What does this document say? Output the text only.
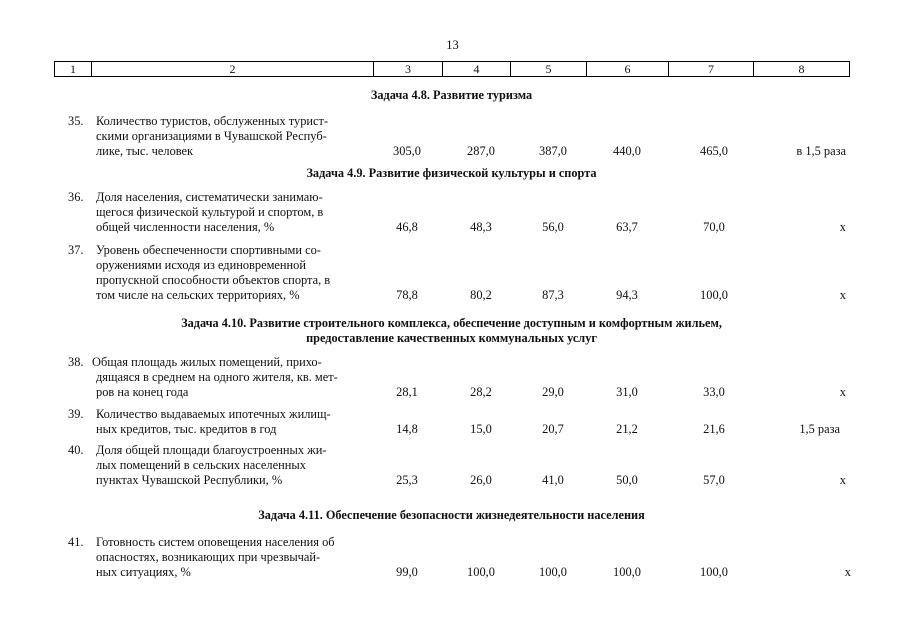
13
1	2	3	4	5	6	7	8
Задача 4.8. Развитие туризма
35. Количество туристов, обслуженных турист-
скими организациями в Чувашской Респуб-
лике, тыс. человек	305,0	287,0	387,0	440,0	465,0	в 1,5 раза
Задача 4.9. Развитие физической культуры и спорта
36. Доля населения, систематически занимаю-
щегося физической культурой и спортом, в
общей численности населения, %	46,8	48,3	56,0	63,7	70,0	х
37. Уровень обеспеченности спортивными со-
оружениями исходя из единовременной
пропускной способности объектов спорта, в
том числе на сельских территориях, %	78,8	80,2	87,3	94,3	100,0	х
Задача 4.10. Развитие строительного комплекса, обеспечение доступным и комфортным жильем,
предоставление качественных коммунальных услуг
38. Общая площадь жилых помещений, прихо-
дящаяся в среднем на одного жителя, кв. мет-
ров на конец года	28,1	28,2	29,0	31,0	33,0	х
39. Количество выдаваемых ипотечных жилищ-
ных кредитов, тыс. кредитов в год	14,8	15,0	20,7	21,2	21,6	1,5 раза
40. Доля общей площади благоустроенных жи-
лых помещений в сельских населенных
пунктах Чувашской Республики, %	25,3	26,0	41,0	50,0	57,0	х
Задача 4.11. Обеспечение безопасности жизнедеятельности населения
41. Готовность систем оповещения населения об
опасностях, возникающих при чрезвычай-
ных ситуациях, %	99,0	100,0	100,0	100,0	100,0	х
